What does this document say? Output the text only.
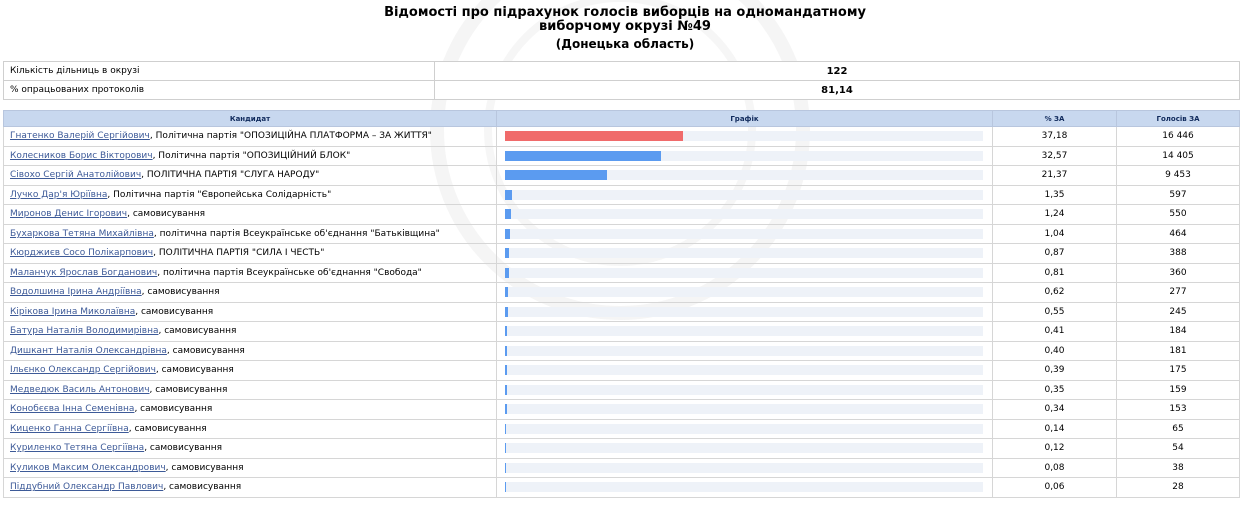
Відомості про підрахунок голосів виборців на одномандатному
виборчому окрузі №49
(Донецька область)
Кількість дільниць в окрузі	122
% опрацьованих протоколів	81,14
Кандидат	Графік	% ЗА	Голосів ЗА
Гнатенко Валерій Сергійович, Політична партія "ОПОЗИЦІЙНА ПЛАТФОРМА – ЗА ЖИТТЯ"		37,18	16 446
Колесников Борис Вікторович, Політична партія "ОПОЗИЦІЙНИЙ БЛОК"		32,57	14 405
Сівохо Сергій Анатолійович, ПОЛІТИЧНА ПАРТІЯ "СЛУГА НАРОДУ"		21,37	9 453
Лучко Дар'я Юріївна, Політична партія "Європейська Солідарність"		1,35	597
Миронов Денис Ігорович, самовисування		1,24	550
Бухаркова Тетяна Михайлівна, політична партія Всеукраїнське об'єднання "Батьківщина"		1,04	464
Кюрджиєв Сосо Полікарпович, ПОЛІТИЧНА ПАРТІЯ "СИЛА І ЧЕСТЬ"		0,87	388
Маланчук Ярослав Богданович, політична партія Всеукраїнське об'єднання "Свобода"		0,81	360
Водолшина Ірина Андріївна, самовисування		0,62	277
Кірікова Ірина Миколаївна, самовисування		0,55	245
Батура Наталія Володимирівна, самовисування		0,41	184
Дишкант Наталія Олександрівна, самовисування		0,40	181
Ільєнко Олександр Сергійович, самовисування		0,39	175
Медведюк Василь Антонович, самовисування		0,35	159
Конобєєва Інна Семенівна, самовисування		0,34	153
Киценко Ганна Сергіївна, самовисування		0,14	65
Куриленко Тетяна Сергіївна, самовисування		0,12	54
Куликов Максим Олександрович, самовисування		0,08	38
Піддубний Олександр Павлович, самовисування		0,06	28
